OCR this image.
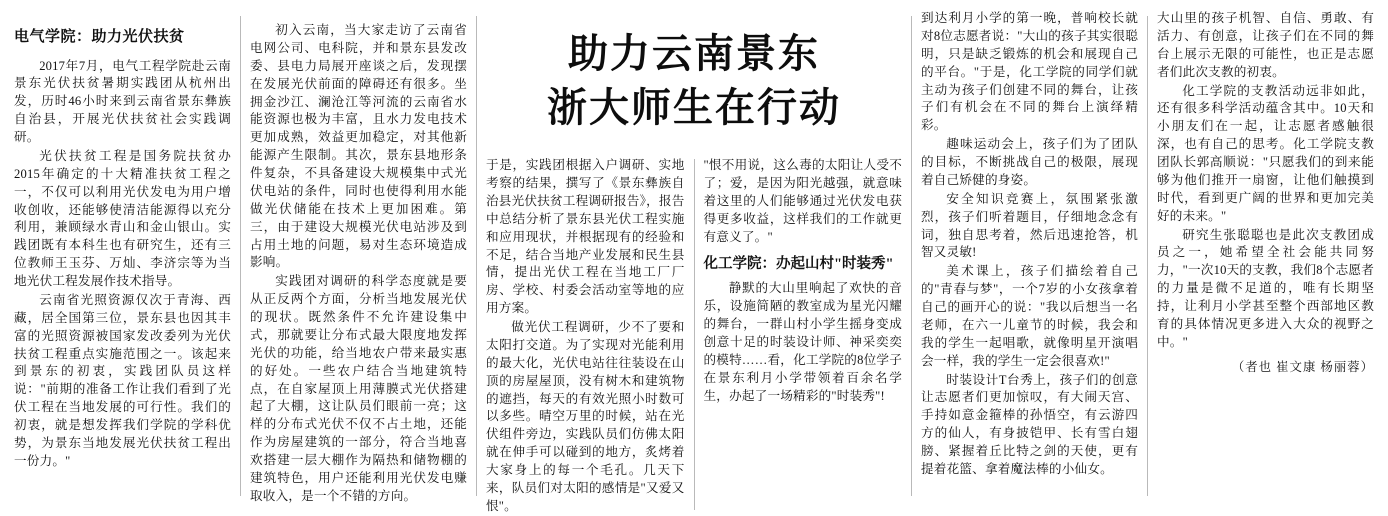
电气学院：助力光伏扶贫

2017年7月，电气工程学院赴云南景东光伏扶贫暑期实践团从杭州出发，历时46小时来到云南省景东彝族自治县，开展光伏扶贫社会实践调研。

光伏扶贫工程是国务院扶贫办2015年确定的十大精准扶贫工程之一，不仅可以利用光伏发电为用户增收创收，还能够使清洁能源得以充分利用，兼顾绿水青山和金山银山。实践团既有本科生也有研究生，还有三位教师王玉芬、万灿、李济宗等为当地光伏工程发展作技术指导。

云南省光照资源仅次于青海、西藏，居全国第三位，景东县也因其丰富的光照资源被国家发改委列为光伏扶贫工程重点实施范围之一。该起来到景东的初衷，实践团队员这样说："前期的准备工作让我们看到了光伏工程在当地发展的可行性。我们的初衷，就是想发挥我们学院的学科优势，为景东当地发展光伏扶贫工程出一份力。"

初入云南，当大家走访了云南省电网公司、电科院，并和景东县发改委、县电力局展开座谈之后，发现摆在发展光伏前面的障碍还有很多。坐拥金沙江、澜沧江等河流的云南省水能资源也极为丰富，且水力发电技术更加成熟，效益更加稳定，对其他新能源产生限制。其次，景东县地形条件复杂，不具备建设大规模集中式光伏电站的条件，同时也使得利用水能做光伏储能在技术上更加困难。第三，由于建设大规模光伏电站涉及到占用土地的问题，易对生态环境造成影响。

实践团对调研的科学态度就是要从正反两个方面，分析当地发展光伏的现状。既然条件不允许建设集中式，那就要让分布式最大限度地发挥光伏的功能，给当地农户带来最实惠的好处。一些农户结合当地建筑特点，在自家屋顶上用薄膜式光伏搭建起了大棚，这让队员们眼前一亮；这样的分布式光伏不仅不占土地，还能作为房屋建筑的一部分，符合当地喜欢搭建一层大棚作为隔热和储物棚的建筑特色，用户还能利用光伏发电赚取收入，是一个不错的方向。

助力云南景东
浙大师生在行动

于是，实践团根据入户调研、实地考察的结果，撰写了《景东彝族自治县光伏扶贫工程调研报告》，报告中总结分析了景东县光伏工程实施和应用现状，并根据现有的经验和不足，结合当地产业发展和民生县情，提出光伏工程在当地工厂厂房、学校、村委会活动室等地的应用方案。

做光伏工程调研，少不了要和太阳打交道。为了实现对光能利用的最大化，光伏电站往往装设在山顶的房屋屋顶，没有树木和建筑物的遮挡，每天的有效光照小时数可以多些。晴空万里的时候，站在光伏组件旁边，实践队员们仿佛太阳就在伸手可以碰到的地方，炙烤着大家身上的每一个毛孔。几天下来，队员们对太阳的感情是"又爱又恨"。

"恨不用说，这么毒的太阳让人受不了；爱，是因为阳光越强，就意味着这里的人们能够通过光伏发电获得更多收益，这样我们的工作就更有意义了。"

化工学院：办起山村"时装秀"

静默的大山里响起了欢快的音乐，设施简陋的教室成为星光闪耀的舞台，一群山村小学生摇身变成创意十足的时装设计师、神采奕奕的模特……看，化工学院的8位学子在景东利月小学带领着百余名学生，办起了一场精彩的"时装秀"!

到达利月小学的第一晚，普响校长就对8位志愿者说："大山的孩子其实很聪明，只是缺乏锻炼的机会和展现自己的平台。"于是，化工学院的同学们就主动为孩子们创建不同的舞台，让孩子们有机会在不同的舞台上演绎精彩。

趣味运动会上，孩子们为了团队的目标，不断挑战自己的极限，展现着自己矫健的身姿。

安全知识竞赛上，氛围紧张激烈，孩子们听着题目，仔细地念念有词，独自思考着，然后迅速抢答，机智又灵敏!

美术课上，孩子们描绘着自己的"青春与梦"，一个7岁的小女孩拿着自己的画开心的说："我以后想当一名老师，在六一儿童节的时候，我会和我的学生一起唱歌，就像明星开演唱会一样，我的学生一定会很喜欢!"

时装设计T台秀上，孩子们的创意让志愿者们更加惊叹，有大闹天宫、手持如意金箍棒的孙悟空，有云游四方的仙人，有身披铠甲、长有雪白翅膀、紧握着丘比特之剑的天使，更有提着花篮、拿着魔法棒的小仙女。

大山里的孩子机智、自信、勇敢、有活力、有创意，让孩子们在不同的舞台上展示无限的可能性，也正是志愿者们此次支教的初衷。

化工学院的支教活动远非如此，还有很多科学活动蕴含其中。10天和小朋友们在一起，让志愿者感触很深，也有自己的思考。化工学院支教团队长郭高顺说："只愿我们的到来能够为他们推开一扇窗，让他们触摸到时代，看到更广阔的世界和更加完美好的未来。"

研究生张聪聪也是此次支教团成员之一，她希望全社会能共同努力，"一次10天的支教，我们8个志愿者的力量是微不足道的，唯有长期坚持，让利月小学甚至整个西部地区教育的具体情况更多进入大众的视野之中。"

（者也 崔文康 杨丽蓉）
